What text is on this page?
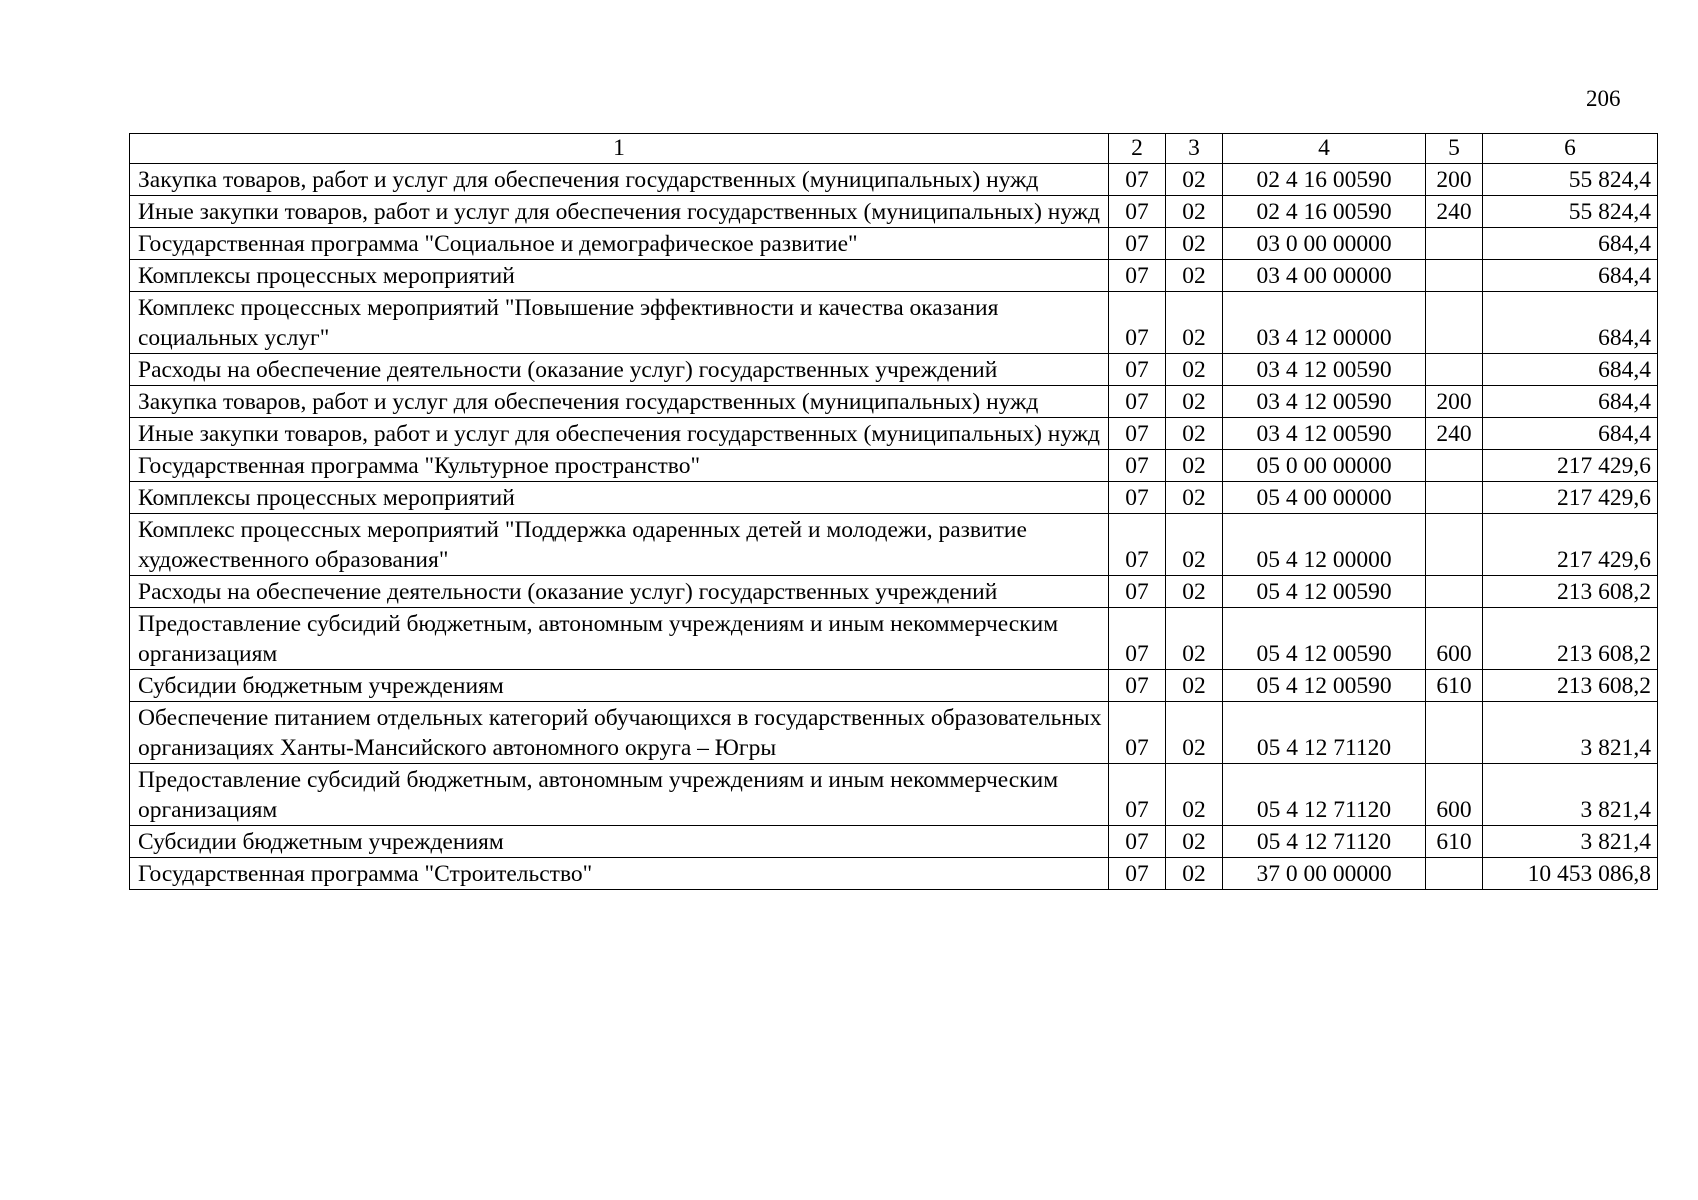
206
1	2	3	4	5	6
Закупка товаров, работ и услуг для обеспечения государственных (муниципальных) нужд	07	02	02 4 16 00590	200	55 824,4
Иные закупки товаров, работ и услуг для обеспечения государственных (муниципальных) нужд	07	02	02 4 16 00590	240	55 824,4
Государственная программа "Социальное и демографическое развитие"	07	02	03 0 00 00000		684,4
Комплексы процессных мероприятий	07	02	03 4 00 00000		684,4
Комплекс процессных мероприятий "Повышение эффективности и качества оказания социальных услуг"	07	02	03 4 12 00000		684,4
Расходы на обеспечение деятельности (оказание услуг) государственных учреждений	07	02	03 4 12 00590		684,4
Закупка товаров, работ и услуг для обеспечения государственных (муниципальных) нужд	07	02	03 4 12 00590	200	684,4
Иные закупки товаров, работ и услуг для обеспечения государственных (муниципальных) нужд	07	02	03 4 12 00590	240	684,4
Государственная программа "Культурное пространство"	07	02	05 0 00 00000		217 429,6
Комплексы процессных мероприятий	07	02	05 4 00 00000		217 429,6
Комплекс процессных мероприятий "Поддержка одаренных детей и молодежи, развитие художественного образования"	07	02	05 4 12 00000		217 429,6
Расходы на обеспечение деятельности (оказание услуг) государственных учреждений	07	02	05 4 12 00590		213 608,2
Предоставление субсидий бюджетным, автономным учреждениям и иным некоммерческим организациям	07	02	05 4 12 00590	600	213 608,2
Субсидии бюджетным учреждениям	07	02	05 4 12 00590	610	213 608,2
Обеспечение питанием отдельных категорий обучающихся в государственных образовательных организациях Ханты-Мансийского автономного округа – Югры	07	02	05 4 12 71120		3 821,4
Предоставление субсидий бюджетным, автономным учреждениям и иным некоммерческим организациям	07	02	05 4 12 71120	600	3 821,4
Субсидии бюджетным учреждениям	07	02	05 4 12 71120	610	3 821,4
Государственная программа "Строительство"	07	02	37 0 00 00000		10 453 086,8
